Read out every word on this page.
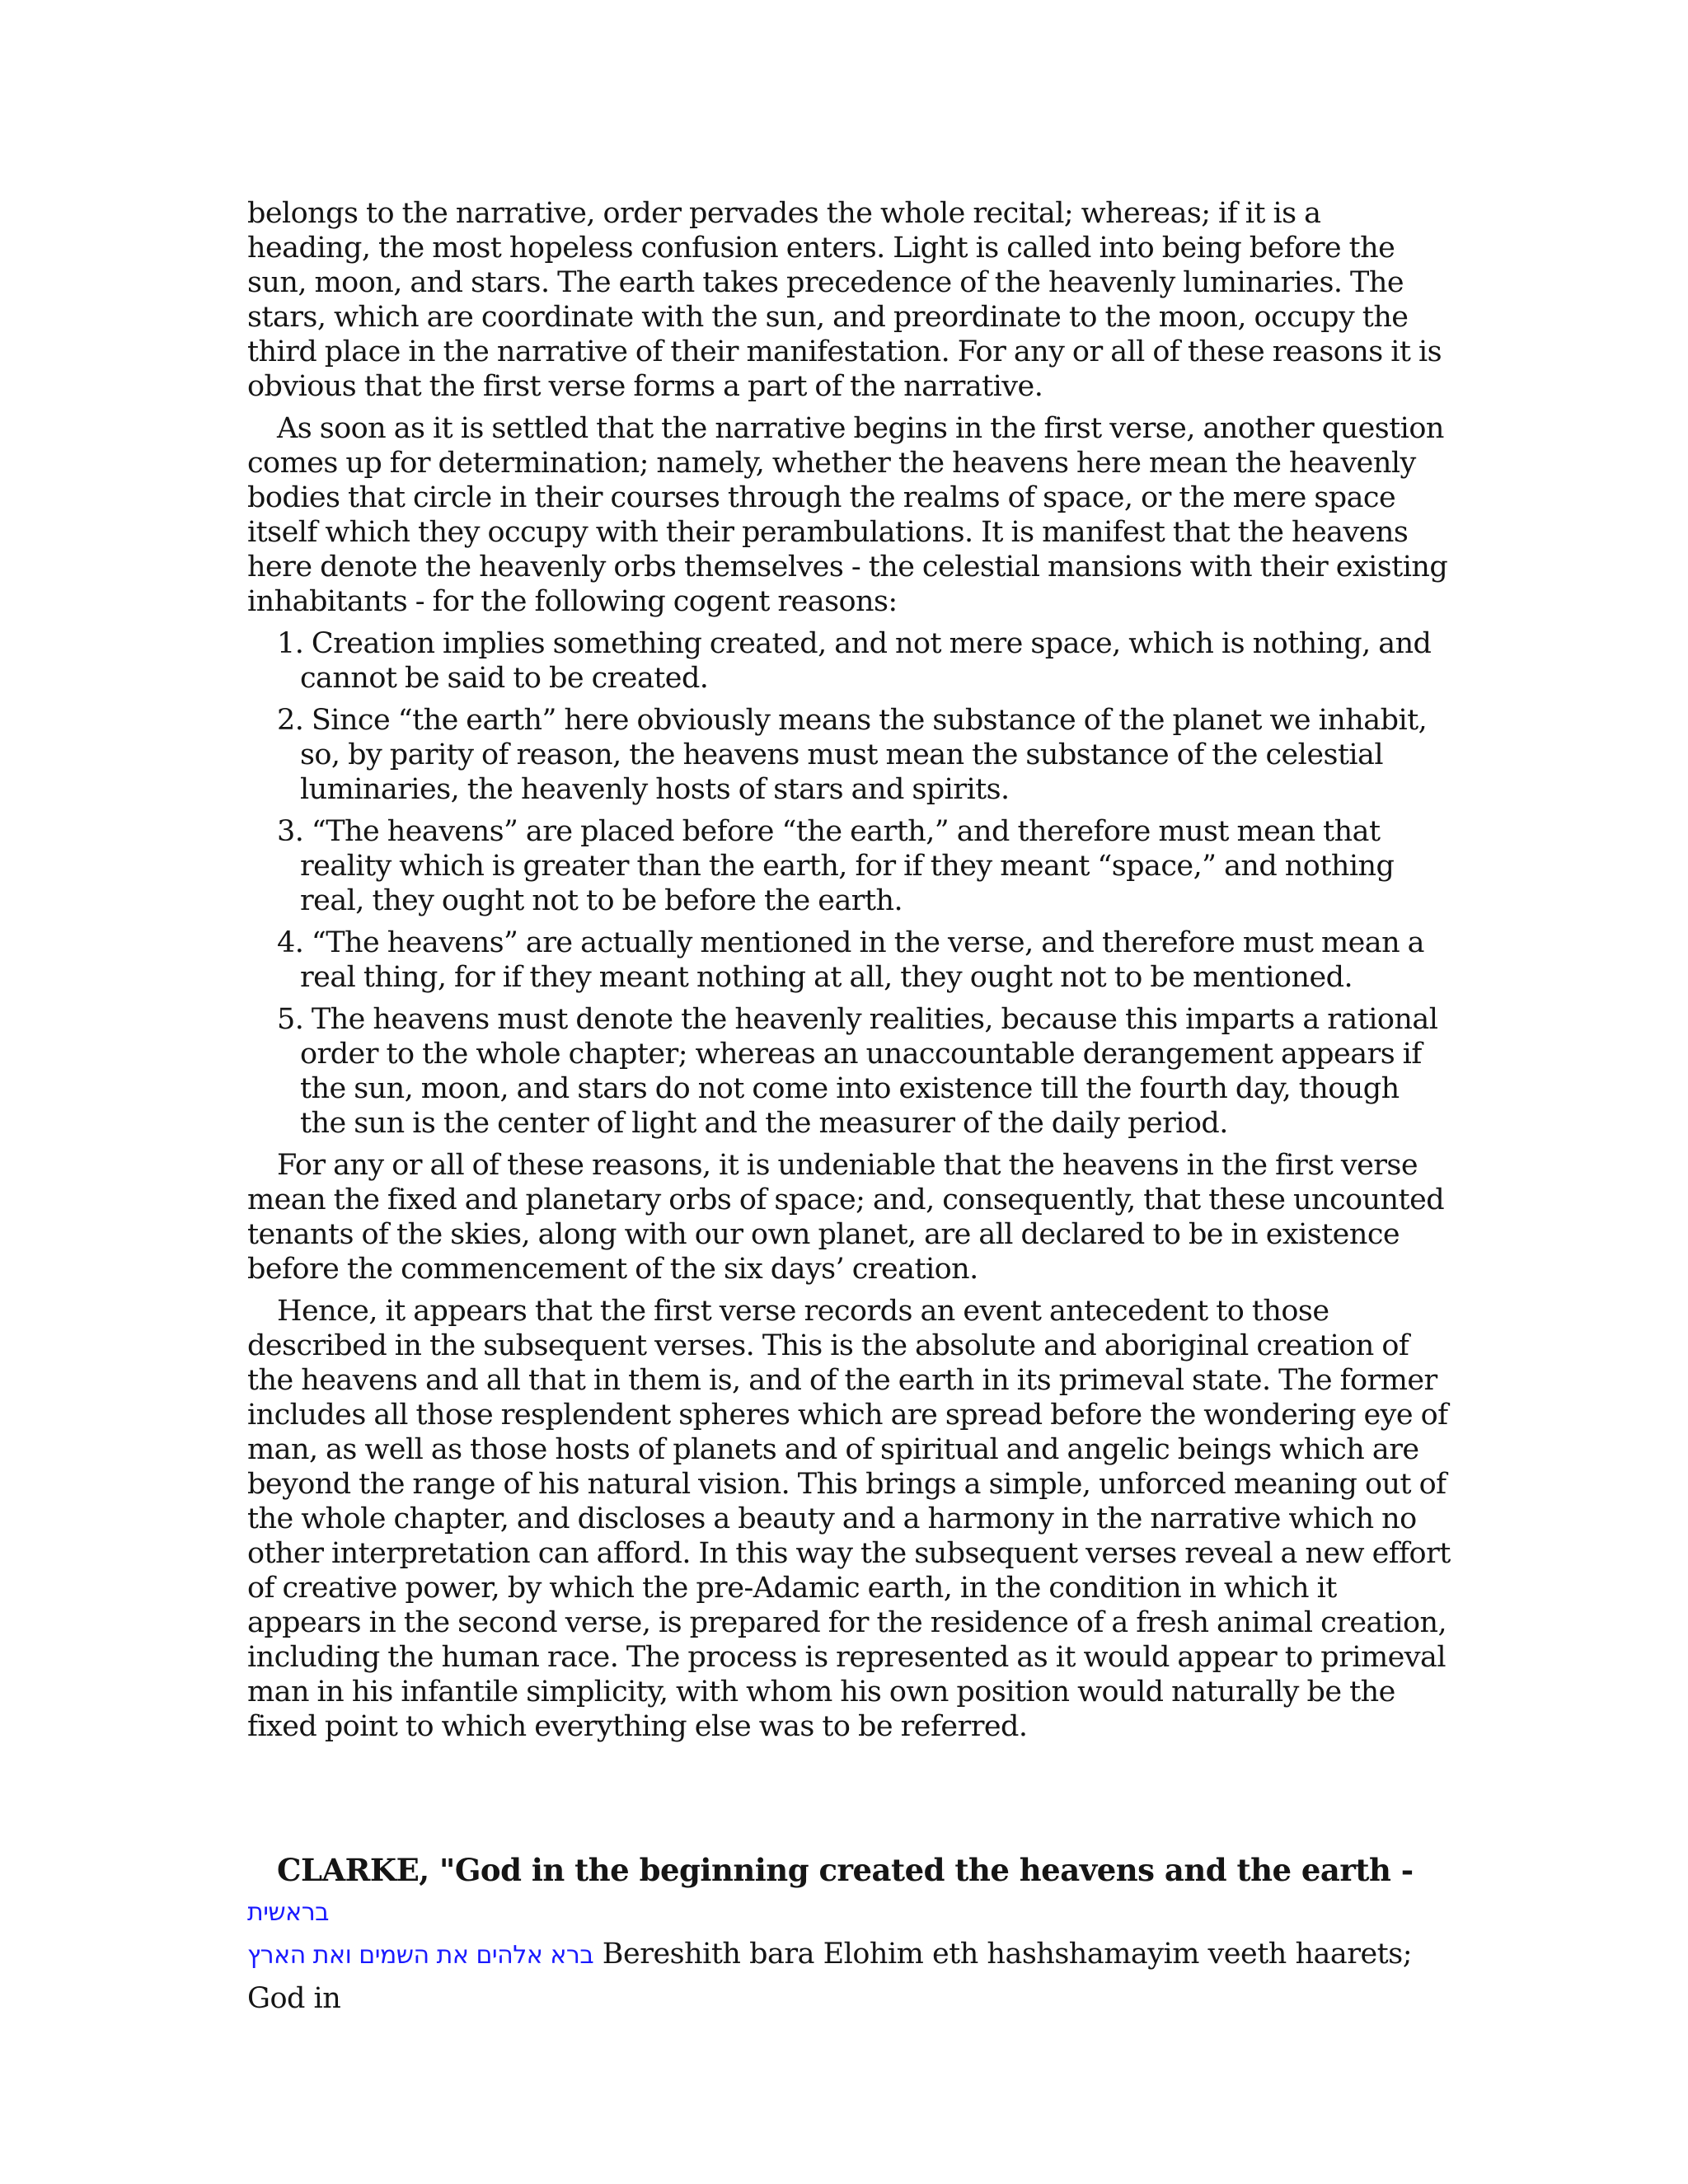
belongs to the narrative, order pervades the whole recital; whereas; if it is a heading, the most hopeless confusion enters. Light is called into being before the sun, moon, and stars. The earth takes precedence of the heavenly luminaries. The stars, which are coordinate with the sun, and preordinate to the moon, occupy the third place in the narrative of their manifestation. For any or all of these reasons it is obvious that the first verse forms a part of the narrative.

As soon as it is settled that the narrative begins in the first verse, another question comes up for determination; namely, whether the heavens here mean the heavenly bodies that circle in their courses through the realms of space, or the mere space itself which they occupy with their perambulations. It is manifest that the heavens here denote the heavenly orbs themselves - the celestial mansions with their existing inhabitants - for the following cogent reasons:

1. Creation implies something created, and not mere space, which is nothing, and cannot be said to be created.
2. Since “the earth” here obviously means the substance of the planet we inhabit, so, by parity of reason, the heavens must mean the substance of the celestial luminaries, the heavenly hosts of stars and spirits.
3. “The heavens” are placed before “the earth,” and therefore must mean that reality which is greater than the earth, for if they meant “space,” and nothing real, they ought not to be before the earth.
4. “The heavens” are actually mentioned in the verse, and therefore must mean a real thing, for if they meant nothing at all, they ought not to be mentioned.
5. The heavens must denote the heavenly realities, because this imparts a rational order to the whole chapter; whereas an unaccountable derangement appears if the sun, moon, and stars do not come into existence till the fourth day, though the sun is the center of light and the measurer of the daily period.

For any or all of these reasons, it is undeniable that the heavens in the first verse mean the fixed and planetary orbs of space; and, consequently, that these uncounted tenants of the skies, along with our own planet, are all declared to be in existence before the commencement of the six days’ creation.

Hence, it appears that the first verse records an event antecedent to those described in the subsequent verses. This is the absolute and aboriginal creation of the heavens and all that in them is, and of the earth in its primeval state. The former includes all those resplendent spheres which are spread before the wondering eye of man, as well as those hosts of planets and of spiritual and angelic beings which are beyond the range of his natural vision. This brings a simple, unforced meaning out of the whole chapter, and discloses a beauty and a harmony in the narrative which no other interpretation can afford. In this way the subsequent verses reveal a new effort of creative power, by which the pre-Adamic earth, in the condition in which it appears in the second verse, is prepared for the residence of a fresh animal creation, including the human race. The process is represented as it would appear to primeval man in his infantile simplicity, with whom his own position would naturally be the fixed point to which everything else was to be referred.

CLARKE, "God in the beginning created the heavens and the earth - בראשית

ברא אלהים את השמים ואת הארץ Bereshith bara Elohim eth hashshamayim veeth haarets; God in
